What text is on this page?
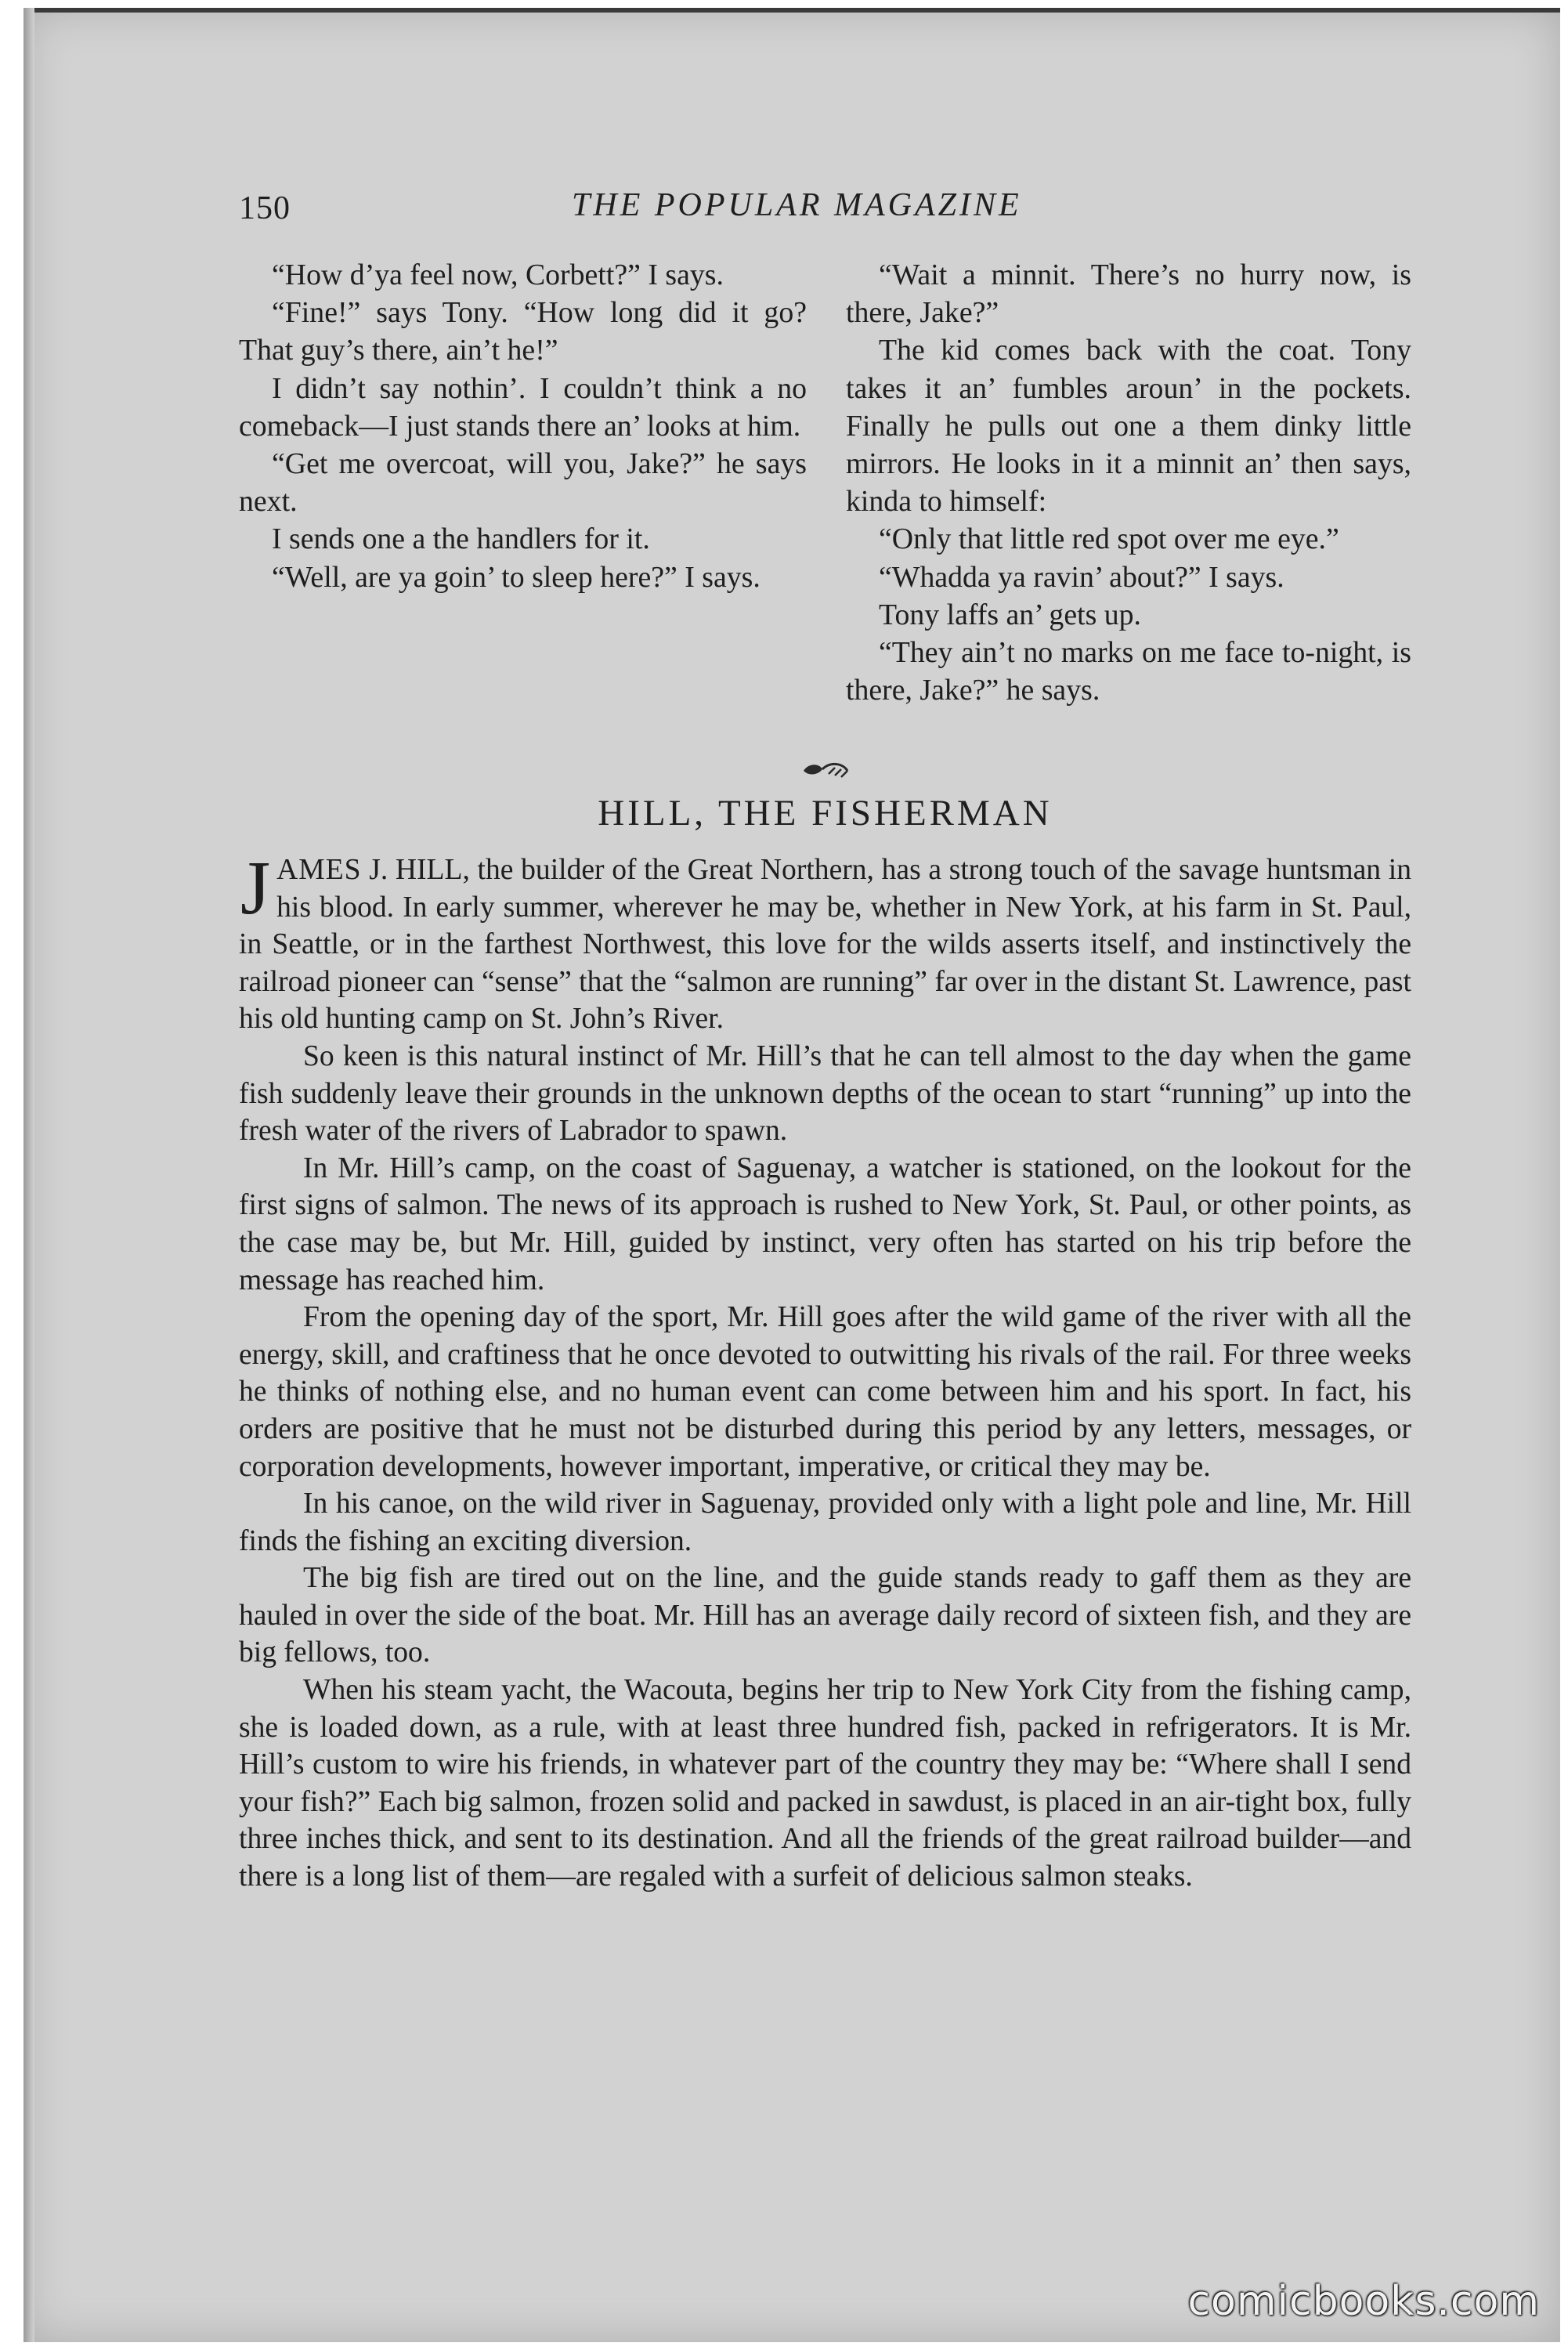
150	THE POPULAR MAGAZINE

“How d’ya feel now, Corbett?” I says.

“Fine!” says Tony. “How long did it go? That guy’s there, ain’t he!”

I didn’t say nothin’. I couldn’t think a no comeback—I just stands there an’ looks at him.

“Get me overcoat, will you, Jake?” he says next.

I sends one a the handlers for it.

“Well, are ya goin’ to sleep here?” I says.

“Wait a minnit. There’s no hurry now, is there, Jake?”

The kid comes back with the coat. Tony takes it an’ fumbles aroun’ in the pockets. Finally he pulls out one a them dinky little mirrors. He looks in it a minnit an’ then says, kinda to himself:

“Only that little red spot over me eye.”

“Whadda ya ravin’ about?” I says.

Tony laffs an’ gets up.

“They ain’t no marks on me face to-night, is there, Jake?” he says.

HILL, THE FISHERMAN

JAMES J. HILL, the builder of the Great Northern, has a strong touch of the savage huntsman in his blood. In early summer, wherever he may be, whether in New York, at his farm in St. Paul, in Seattle, or in the farthest Northwest, this love for the wilds asserts itself, and instinctively the railroad pioneer can “sense” that the “salmon are running” far over in the distant St. Lawrence, past his old hunting camp on St. John’s River.

So keen is this natural instinct of Mr. Hill’s that he can tell almost to the day when the game fish suddenly leave their grounds in the unknown depths of the ocean to start “running” up into the fresh water of the rivers of Labrador to spawn.

In Mr. Hill’s camp, on the coast of Saguenay, a watcher is stationed, on the lookout for the first signs of salmon. The news of its approach is rushed to New York, St. Paul, or other points, as the case may be, but Mr. Hill, guided by instinct, very often has started on his trip before the message has reached him.

From the opening day of the sport, Mr. Hill goes after the wild game of the river with all the energy, skill, and craftiness that he once devoted to outwitting his rivals of the rail. For three weeks he thinks of nothing else, and no human event can come between him and his sport. In fact, his orders are positive that he must not be disturbed during this period by any letters, messages, or corporation developments, however important, imperative, or critical they may be.

In his canoe, on the wild river in Saguenay, provided only with a light pole and line, Mr. Hill finds the fishing an exciting diversion.

The big fish are tired out on the line, and the guide stands ready to gaff them as they are hauled in over the side of the boat. Mr. Hill has an average daily record of sixteen fish, and they are big fellows, too.

When his steam yacht, the Wacouta, begins her trip to New York City from the fishing camp, she is loaded down, as a rule, with at least three hundred fish, packed in refrigerators. It is Mr. Hill’s custom to wire his friends, in whatever part of the country they may be: “Where shall I send your fish?” Each big salmon, frozen solid and packed in sawdust, is placed in an air-tight box, fully three inches thick, and sent to its destination. And all the friends of the great railroad builder—and there is a long list of them—are regaled with a surfeit of delicious salmon steaks.

comicbooks.com
